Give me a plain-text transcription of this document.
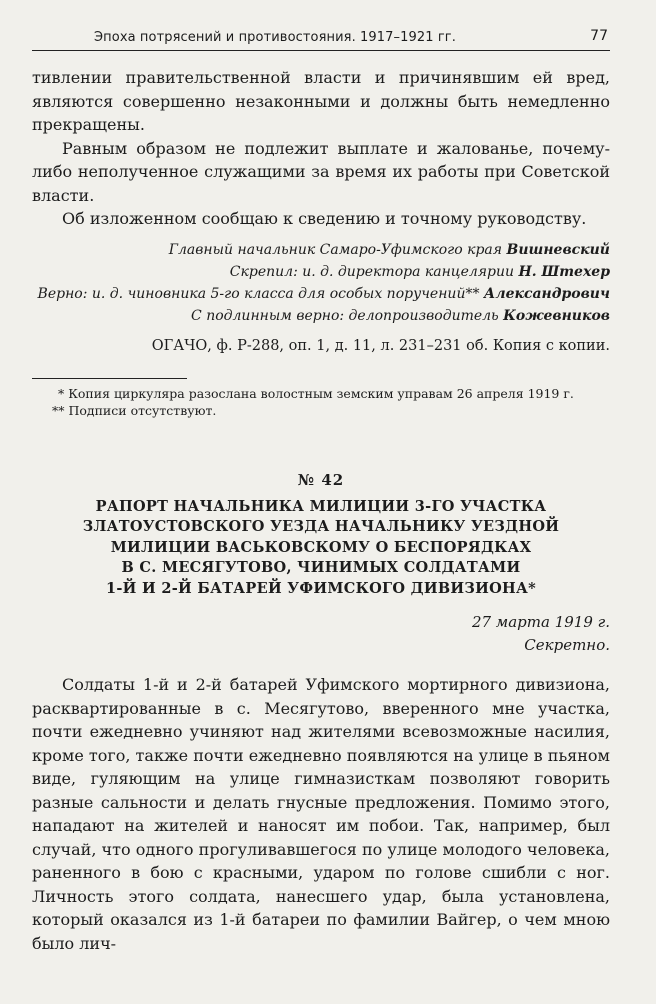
Эпоха потрясений и противостояния. 1917–1921 гг.	77

тивлении правительственной власти и причинявшим ей вред, являются совершенно незаконными и должны быть немедленно прекращены.

Равным образом не подлежит выплате и жалованье, почему-либо неполученное служащими за время их работы при Советской власти.

Об изложенном сообщаю к сведению и точному руководству.

Главный начальник Самаро-Уфимского края Вишневский

Скрепил: и. д. директора канцелярии Н. Штехер

Верно: и. д. чиновника 5-го класса для особых поручений** Александрович

С подлинным верно: делопроизводитель Кожевников

ОГАЧО, ф. Р-288, оп. 1, д. 11, л. 231–231 об. Копия с копии.

* Копия циркуляра разослана волостным земским управам 26 апреля 1919 г.

** Подписи отсутствуют.

№ 42

РАПОРТ НАЧАЛЬНИКА МИЛИЦИИ 3-ГО УЧАСТКА
ЗЛАТОУСТОВСКОГО УЕЗДА НАЧАЛЬНИКУ УЕЗДНОЙ
МИЛИЦИИ ВАСЬКОВСКОМУ О БЕСПОРЯДКАХ
В С. МЕСЯГУТОВО, ЧИНИМЫХ СОЛДАТАМИ
1-Й И 2-Й БАТАРЕЙ УФИМСКОГО ДИВИЗИОНА*

27 марта 1919 г.

Секретно.

Солдаты 1-й и 2-й батарей Уфимского мортирного дивизиона, расквартированные в с. Месягутово, вверенного мне участка, почти ежедневно учиняют над жителями всевозможные насилия, кроме того, также почти ежедневно появляются на улице в пьяном виде, гуляющим на улице гимназисткам позволяют говорить разные сальности и делать гнусные предложения. Помимо этого, нападают на жителей и наносят им побои. Так, например, был случай, что одного прогуливавшегося по улице молодого человека, раненного в бою с красными, ударом по голове сшибли с ног. Личность этого солдата, нанесшего удар, была установлена, который оказался из 1-й батареи по фамилии Вайгер, о чем мною было лич-
